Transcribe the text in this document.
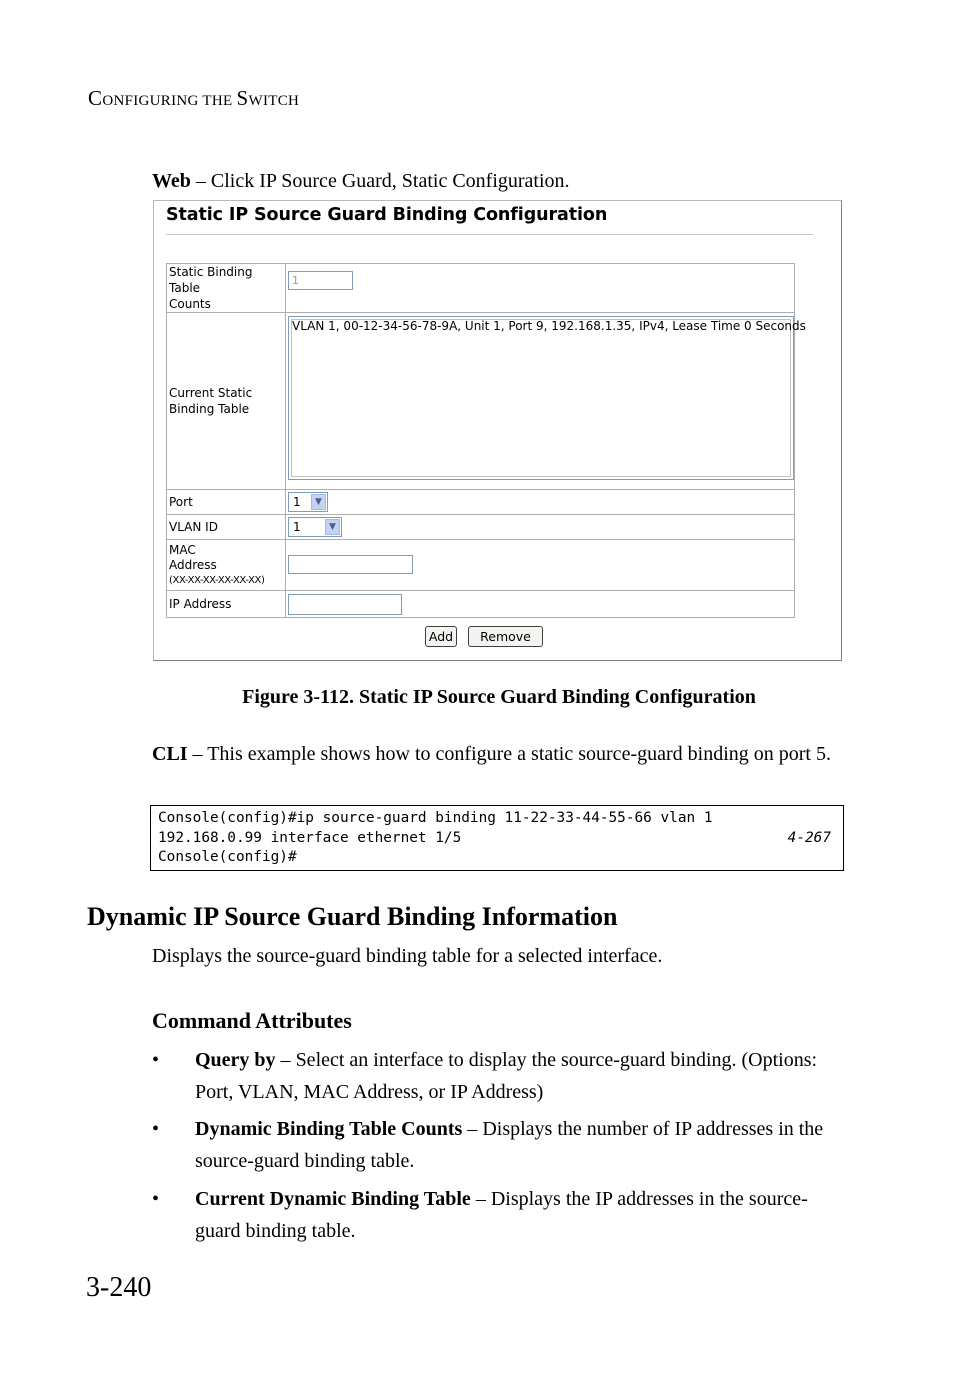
CONFIGURING THE SWITCH
Web – Click IP Source Guard, Static Configuration.
Static IP Source Guard Binding Configuration
Static Binding Table
Counts	1

Current Static
Binding Table	VLAN 1, 00-12-34-56-78-9A, Unit 1, Port 9, 192.168.1.35, IPv4, Lease Time 0 Seconds

Port	1 ▼

VLAN ID	1 ▼

MAC
Address
(XX-XX-XX-XX-XX-XX)	

IP Address	
Add	Remove
Figure 3-112. Static IP Source Guard Binding Configuration
CLI – This example shows how to configure a static source-guard binding on port 5.
Console(config)#ip source-guard binding 11-22-33-44-55-66 vlan 1
192.168.0.99 interface ethernet 1/5	4-267
Console(config)#
Dynamic IP Source Guard Binding Information
Displays the source-guard binding table for a selected interface.
Command Attributes
• Query by – Select an interface to display the source-guard binding. (Options: Port, VLAN, MAC Address, or IP Address)
• Dynamic Binding Table Counts – Displays the number of IP addresses in the source-guard binding table.
• Current Dynamic Binding Table – Displays the IP addresses in the source-guard binding table.
3-240
